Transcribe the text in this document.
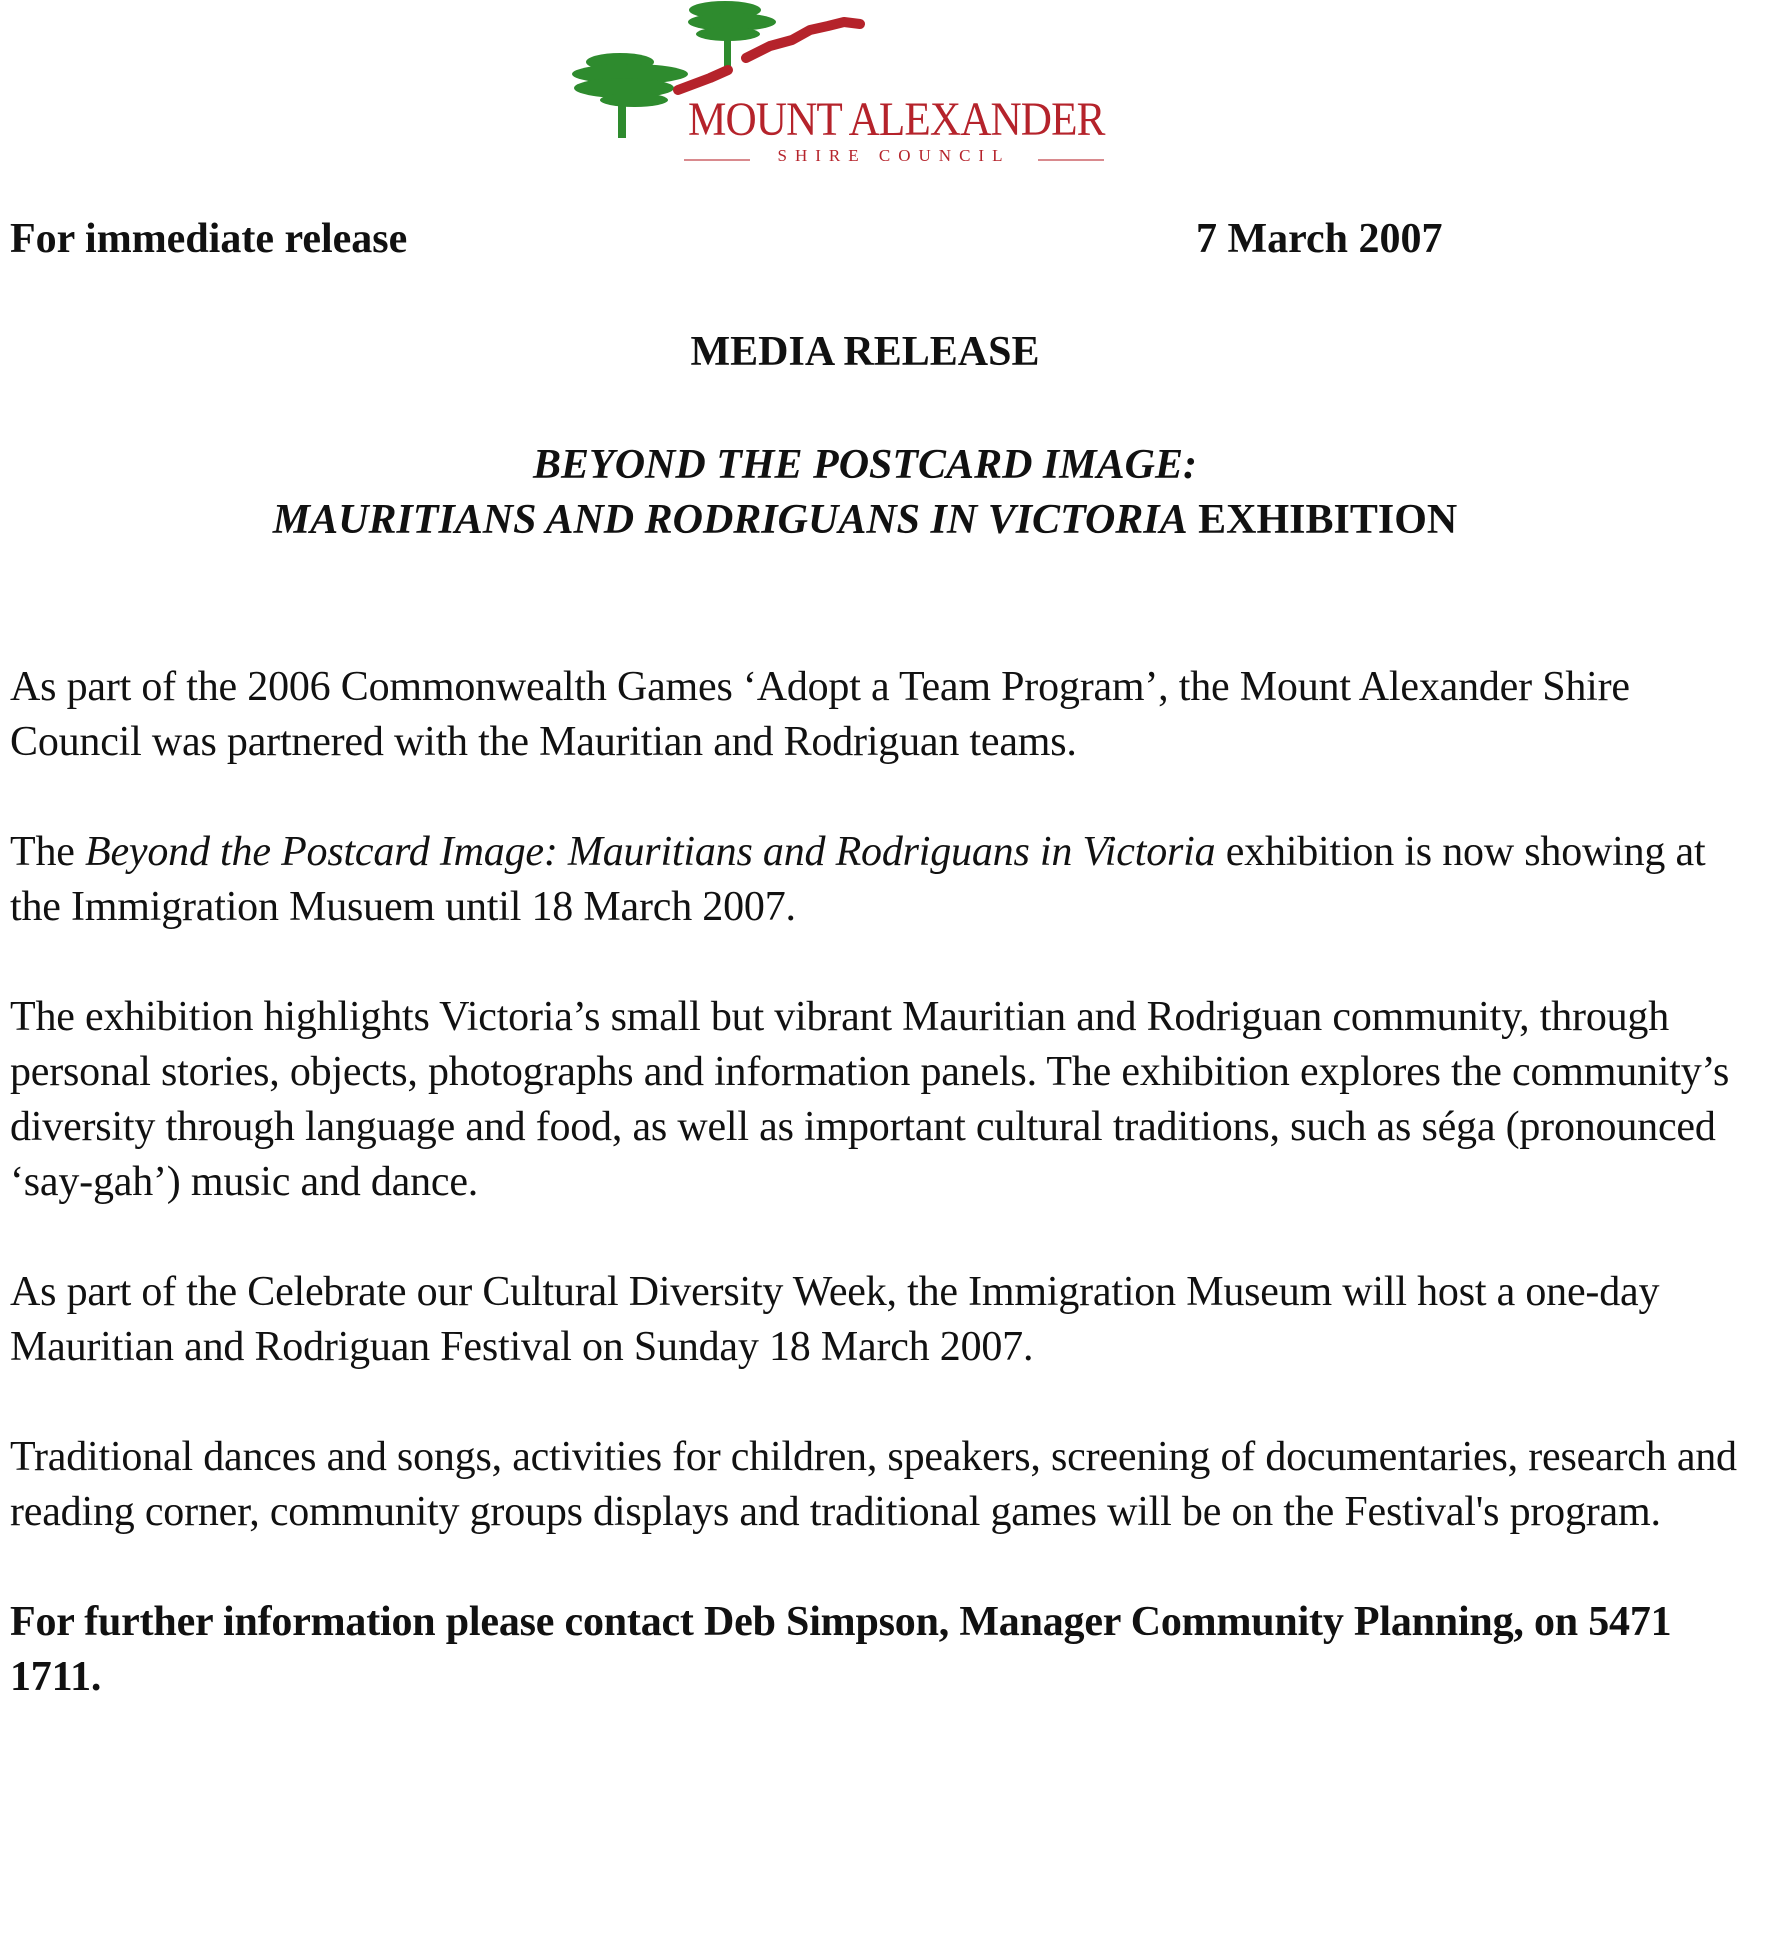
MOUNT ALEXANDER
SHIRE COUNCIL
For immediate release	7 March 2007
MEDIA RELEASE
BEYOND THE POSTCARD IMAGE:
MAURITIANS AND RODRIGUANS IN VICTORIA EXHIBITION

As part of the 2006 Commonwealth Games ‘Adopt a Team Program’, the Mount Alexander Shire Council was partnered with the Mauritian and Rodriguan teams.

The Beyond the Postcard Image: Mauritians and Rodriguans in Victoria exhibition is now showing at the Immigration Musuem until 18 March 2007.

The exhibition highlights Victoria’s small but vibrant Mauritian and Rodriguan community, through personal stories, objects, photographs and information panels. The exhibition explores the community’s diversity through language and food, as well as important cultural traditions, such as séga (pronounced ‘say-gah’) music and dance.

As part of the Celebrate our Cultural Diversity Week, the Immigration Museum will host a one-day Mauritian and Rodriguan Festival on Sunday 18 March 2007.

Traditional dances and songs, activities for children, speakers, screening of documentaries, research and reading corner, community groups displays and traditional games will be on the Festival's program.

For further information please contact Deb Simpson, Manager Community Planning, on 5471 1711.
